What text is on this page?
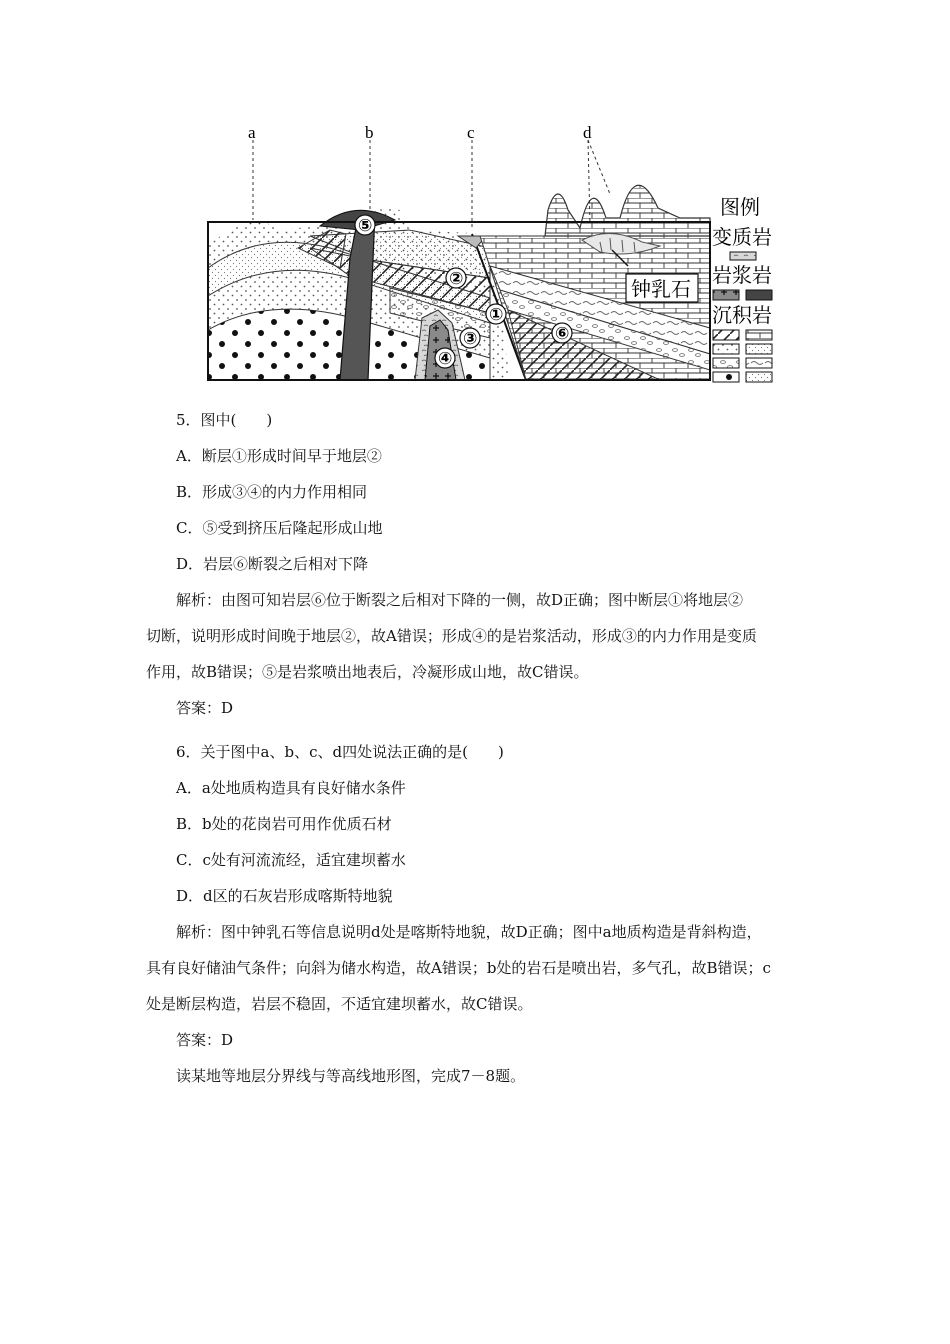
a	b	c	d
⑤
②
①
③
④
⑥
钟乳石
图例
变质岩
岩浆岩
沉积岩
5．图中(　　)
A．断层①形成时间早于地层②
B．形成③④的内力作用相同
C．⑤受到挤压后隆起形成山地
D．岩层⑥断裂之后相对下降
解析：由图可知岩层⑥位于断裂之后相对下降的一侧，故D正确；图中断层①将地层②
切断，说明形成时间晚于地层②，故A错误；形成④的是岩浆活动，形成③的内力作用是变质
作用，故B错误；⑤是岩浆喷出地表后，冷凝形成山地，故C错误。
答案：D
6．关于图中a、b、c、d四处说法正确的是(　　)
A．a处地质构造具有良好储水条件
B．b处的花岗岩可用作优质石材
C．c处有河流流经，适宜建坝蓄水
D．d区的石灰岩形成喀斯特地貌
解析：图中钟乳石等信息说明d处是喀斯特地貌，故D正确；图中a地质构造是背斜构造，
具有良好储油气条件；向斜为储水构造，故A错误；b处的岩石是喷出岩，多气孔，故B错误；c
处是断层构造，岩层不稳固，不适宜建坝蓄水，故C错误。
答案：D
读某地等地层分界线与等高线地形图，完成7－8题。
